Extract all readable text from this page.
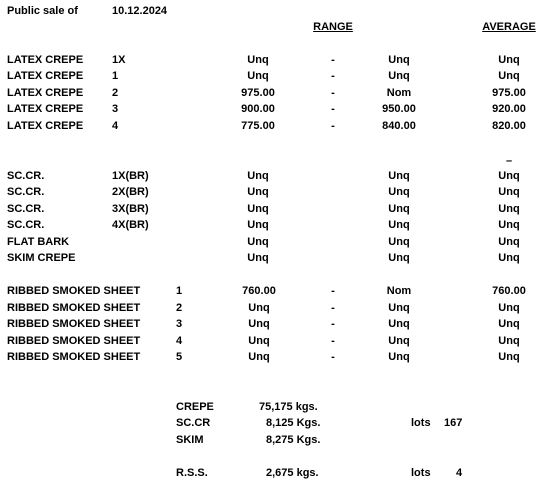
Public sale of	10.12.2024
RANGE	AVERAGE
LATEX CREPE	1X	Unq	-	Unq	Unq
LATEX CREPE	1	Unq	-	Unq	Unq
LATEX CREPE	2	975.00	-	Nom	975.00
LATEX CREPE	3	900.00	-	950.00	920.00
LATEX CREPE	4	775.00	-	840.00	820.00
–
SC.CR.	1X(BR)	Unq	Unq	Unq
SC.CR.	2X(BR)	Unq	Unq	Unq
SC.CR.	3X(BR)	Unq	Unq	Unq
SC.CR.	4X(BR)	Unq	Unq	Unq
FLAT BARK	Unq	Unq	Unq
SKIM CREPE	Unq	Unq	Unq
RIBBED SMOKED SHEET	1	760.00	-	Nom	760.00
RIBBED SMOKED SHEET	2	Unq	-	Unq	Unq
RIBBED SMOKED SHEET	3	Unq	-	Unq	Unq
RIBBED SMOKED SHEET	4	Unq	-	Unq	Unq
RIBBED SMOKED SHEET	5	Unq	-	Unq	Unq
CREPE	75,175 kgs.
SC.CR	8,125 Kgs.	lots 167
SKIM	8,275 Kgs.
R.S.S.	2,675 kgs.	lots 4
